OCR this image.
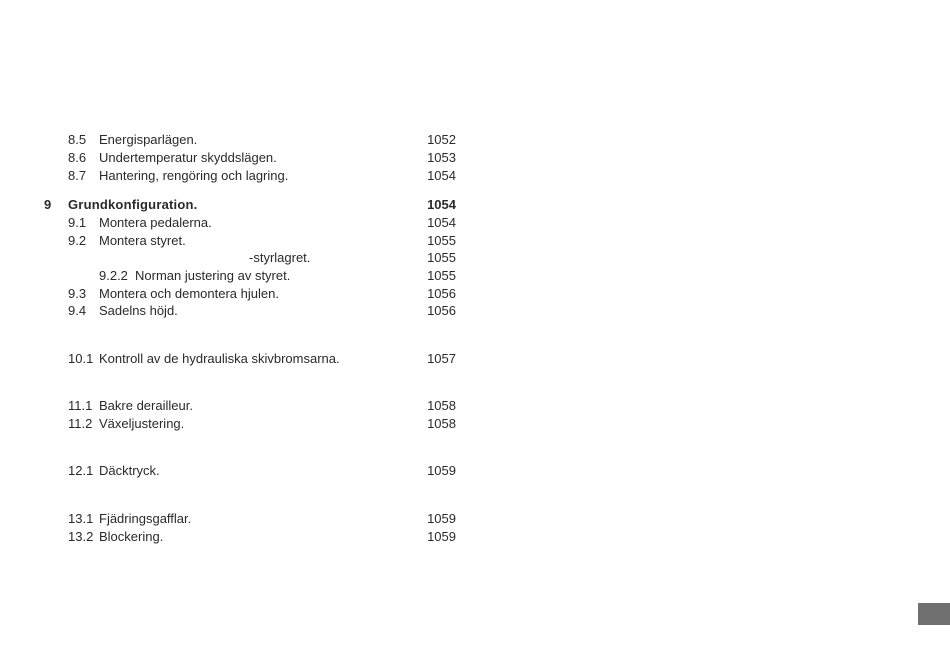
8.5 Energisparlägen.	1052
8.6 Undertemperatur skyddslägen.	1053
8.7 Hantering, rengöring och lagring.	1054
9 Grundkonfiguration.	1054
9.1 Montera pedalerna.	1054
9.2 Montera styret.	1055
-styrlagret.	1055
9.2.2 Norman justering av styret.	1055
9.3 Montera och demontera hjulen.	1056
9.4 Sadelns höjd.	1056
10.1 Kontroll av de hydrauliska skivbromsarna.	1057
11.1 Bakre derailleur.	1058
11.2 Växeljustering.	1058
12.1 Däcktryck.	1059
13.1 Fjädringsgafflar.	1059
13.2 Blockering.	1059
